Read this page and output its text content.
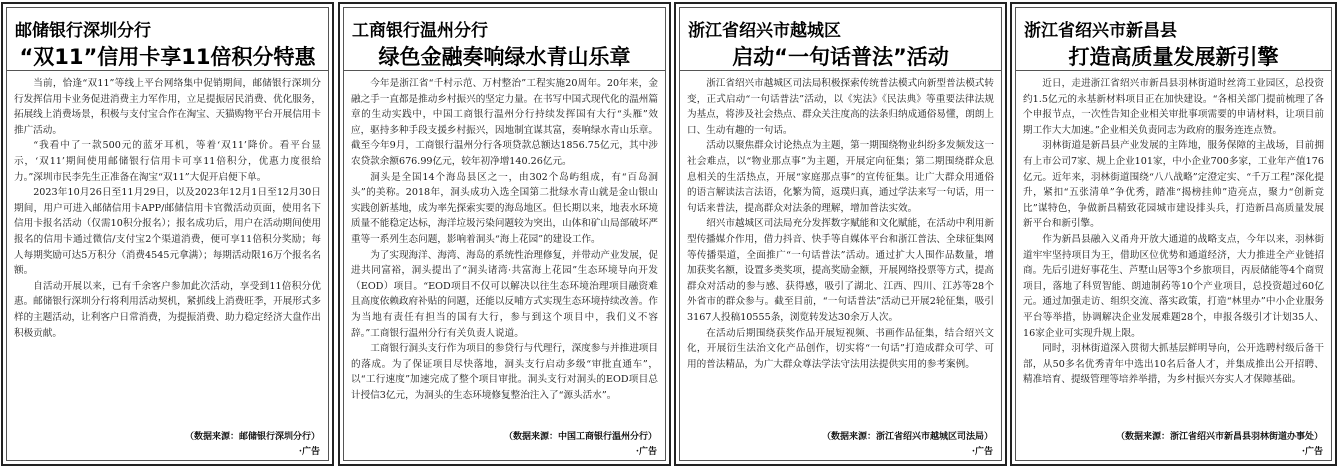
邮储银行深圳分行
“双11”信用卡享11倍积分特惠

当前，恰逢“双11”等线上平台网络集中促销期间，邮储银行深圳分行发挥信用卡业务促进消费主力军作用，立足提振居民消费、优化服务，拓展线上消费场景，积极与支付宝合作在淘宝、天猫购物平台开展信用卡推广活动。

“我看中了一款500元的蓝牙耳机，等着‘双11’降价。看平台显示，‘双11’期间使用邮储银行信用卡可享11倍积分，优惠力度很给力。”深圳市民李先生正准备在淘宝“双11”大促开启便下单。

2023年10月26日至11月29日，以及2023年12月1日至12月30日期间，用户可进入邮储信用卡APP/邮储信用卡官微活动页面，使用名下信用卡报名活动（仅需10积分报名）；报名成功后，用户在活动期间使用报名的信用卡通过微信/支付宝2个渠道消费，便可享11倍积分奖励；每人每期奖励可达5万积分（消费4545元拿满）；每期活动限16万个报名名额。

自活动开展以来，已有千余客户参加此次活动，享受到11倍积分优惠。邮储银行深圳分行将利用活动契机，紧抓线上消费旺季，开展形式多样的主题活动，让利客户日常消费，为提振消费、助力稳定经济大盘作出积极贡献。

（数据来源：邮储银行深圳分行）
·广告
工商银行温州分行
绿色金融奏响绿水青山乐章

今年是浙江省“千村示范、万村整治”工程实施20周年。20年来，金融之手一直都是推动乡村振兴的坚定力量。在书写中国式现代化的温州篇章的生动实践中，中国工商银行温州分行持续发挥国有大行“头雁”效应，驱持多种手段支援乡村振兴，因地制宜谋其富，奏响绿水青山乐章。截至今年9月，工商银行温州分行各项贷款总额达1856.75亿元，其中涉农贷款余额676.99亿元，较年初净增140.26亿元。

洞头是全国14个海岛县区之一，由302个岛屿组成，有“百岛洞头”的美称。2018年，洞头成功入选全国第二批绿水青山就是金山银山实践创新基地，成为率先探索实要的海岛地区。但长期以来，地表水环境质量不能稳定达标，海洋垃圾污染问题较为突出，山体和矿山局部破坏严重等一系列生态问题，影响着洞头“海上花园”的建设工作。

为了实现海洋、海湾、海岛的系统性治理修复，并带动产业发展，促进共同富裕，洞头提出了“洞头诸湾·共富海上花园”生态环境导向开发（EOD）项目。“EOD项目不仅可以解决以往生态环境治理项目融资难且高度依赖政府补贴的问题，还能以反哺方式实现生态环境持续改善。作为当地有责任有担当的国有大行，参与到这个项目中，我们义不容辞。”工商银行温州分行有关负责人说道。

工商银行洞头支行作为项目的参贷行与代理行，深度参与并推进项目的落成。为了保证项目尽快落地，洞头支行启动多级“审批直通车”，以“工行速度”加速完成了整个项目审批。洞头支行对洞头的EOD项目总计授信3亿元，为洞头的生态环境修复整治注入了“源头活水”。

（数据来源：中国工商银行温州分行）
·广告
浙江省绍兴市越城区
启动“一句话普法”活动

浙江省绍兴市越城区司法局积极探索传统普法模式向新型普法模式转变，正式启动“一句话普法”活动，以《宪法》《民法典》等重要法律法规为基点，将涉及社会热点、群众关注度高的法条归纳成通俗易懂，朗朗上口、生动有趣的一句话。

活动以聚焦群众讨论热点为主题，第一期围绕物业纠纷多发频发这一社会难点，以“物业那点事”为主题，开展定向征集；第二期围绕群众息息相关的生活热点，开展“家庭那点事”的宣传征集。让广大群众用通俗的语言解读法言法语，化繁为简，返璞归真，通过学法来写一句话，用一句话来普法，提高群众对法条的理解，增加普法实效。

绍兴市越城区司法局充分发挥数字赋能和文化赋能，在活动中利用新型传播媒介作用，借力抖音、快手等自媒体平台和浙江普法、全球征集网等传播渠道，全面推广“一句话普法”活动。通过扩大人围作品数量，增加获奖名额，设置多类奖项，提高奖励金额，开展网络投票等方式，提高群众对活动的参与感、获得感，吸引了湖北、江西、四川、江苏等28个外省市的群众参与。截至目前，“一句话普法”活动已开展2轮征集，吸引3167人投稿10555条，浏览转发达30余万人次。

在活动后期围绕获奖作品开展短视频、书画作品征集，结合绍兴文化，开展衍生法治文化产品创作，切实将“一句话”打造成群众可学、可用的普法精品，为广大群众尊法学法守法用法提供实用的参考案例。

（数据来源：浙江省绍兴市越城区司法局）
·广告
浙江省绍兴市新昌县
打造高质量发展新引擎

近日，走进浙江省绍兴市新昌县羽林街道时丝湾工业园区，总投资约1.5亿元的永基新材料项目正在加快建设。“各相关部门提前梳理了各个申报节点，一次性告知企业相关审批事项需要的申请材料，让项目前期工作大大加速。”企业相关负责同志为政府的服务连连点赞。

羽林街道是新昌县产业发展的主阵地，服务保障的主战场，目前拥有上市公司7家、规上企业101家，中小企业700多家，工业年产值176亿元。近年来，羽林街道围绕“八八战略”定澄定实、“千万工程”深化提升，紧扣“五张清单”争优秀，踏准“揭榜挂帅”造亮点，聚力“创新竞比”谋特色，争做新昌精致花园城市建设排头兵，打造新昌高质量发展新平台和新引擎。

作为新昌县融入义甬舟开放大通道的战略支点，今年以来，羽林街道牢牢坚持项目为王，借助区位优势和通道经济，大力推进全产业链招商。先后引进好事花生、芦墅山居等3个乡旅项目，丙辰储能等4个商贸项目，落地了科贸智能、朗迪制药等10个产业项目，总投资超过60亿元。通过加强走访、组织交流、落实政策，打造“林里办”中小企业服务平台等举措，协调解决企业发展难题28个，申报各级引才计划35人、16家企业可实现升规上限。

同时，羽林街道深入贯彻大抓基层鲜明导向，公开选聘村级后备干部，从50多名优秀青年中选出10名后备人才，并集成推出公开招聘、精准培育、提级管理等培养举措，为乡村振兴夯实人才保障基础。

（数据来源：浙江省绍兴市新昌县羽林街道办事处）
·广告
